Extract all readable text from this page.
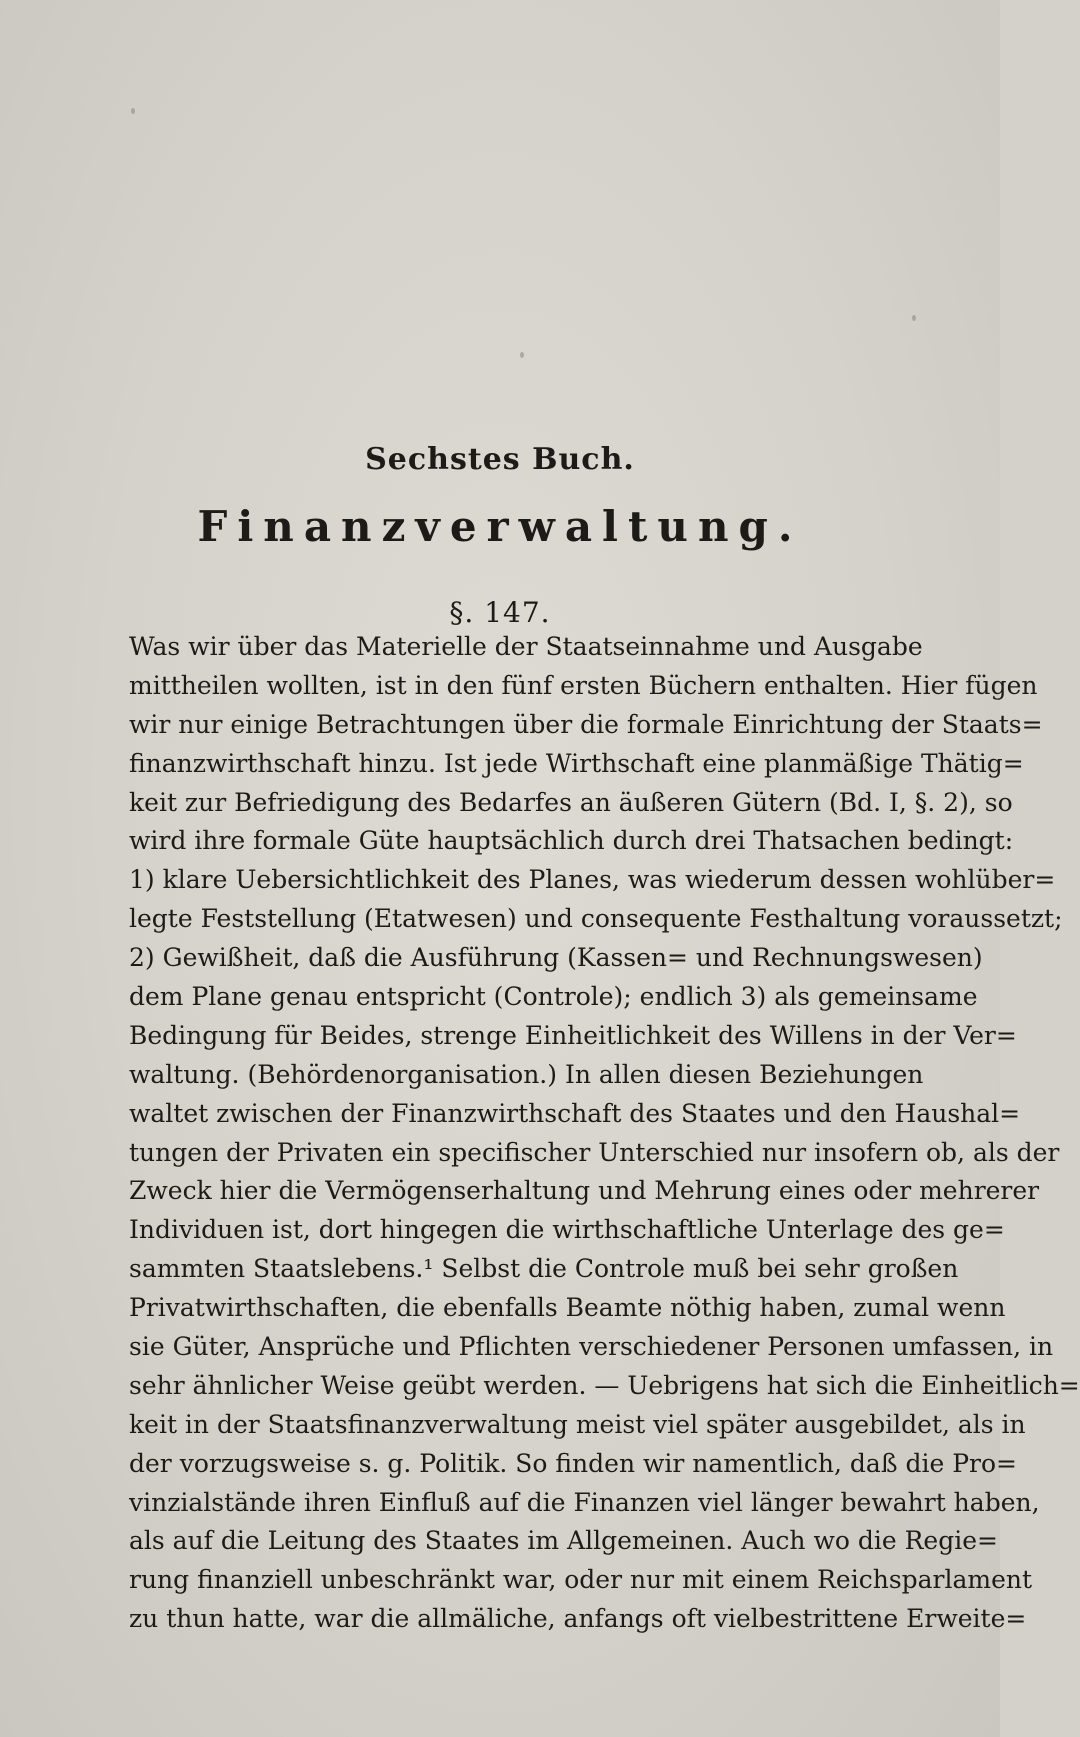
Sechstes Buch.
Finanzverwaltung.
§. 147.
Was wir über das Materielle der Staatseinnahme und Ausgabe
mittheilen wollten, ist in den fünf ersten Büchern enthalten. Hier fügen
wir nur einige Betrachtungen über die formale Einrichtung der Staats=
finanzwirthschaft hinzu. Ist jede Wirthschaft eine planmäßige Thätig=
keit zur Befriedigung des Bedarfes an äußeren Gütern (Bd. I, §. 2), so
wird ihre formale Güte hauptsächlich durch drei Thatsachen bedingt:
1) klare Uebersichtlichkeit des Planes, was wiederum dessen wohlüber=
legte Feststellung (Etatwesen) und consequente Festhaltung voraussetzt;
2) Gewißheit, daß die Ausführung (Kassen= und Rechnungswesen)
dem Plane genau entspricht (Controle); endlich 3) als gemeinsame
Bedingung für Beides, strenge Einheitlichkeit des Willens in der Ver=
waltung. (Behördenorganisation.) In allen diesen Beziehungen
waltet zwischen der Finanzwirthschaft des Staates und den Haushal=
tungen der Privaten ein specifischer Unterschied nur insofern ob, als der
Zweck hier die Vermögenserhaltung und Mehrung eines oder mehrerer
Individuen ist, dort hingegen die wirthschaftliche Unterlage des ge=
sammten Staatslebens.¹ Selbst die Controle muß bei sehr großen
Privatwirthschaften, die ebenfalls Beamte nöthig haben, zumal wenn
sie Güter, Ansprüche und Pflichten verschiedener Personen umfassen, in
sehr ähnlicher Weise geübt werden. — Uebrigens hat sich die Einheitlich=
keit in der Staatsfinanzverwaltung meist viel später ausgebildet, als in
der vorzugsweise s. g. Politik. So finden wir namentlich, daß die Pro=
vinzialstände ihren Einfluß auf die Finanzen viel länger bewahrt haben,
als auf die Leitung des Staates im Allgemeinen. Auch wo die Regie=
rung finanziell unbeschränkt war, oder nur mit einem Reichsparlament
zu thun hatte, war die allmäliche, anfangs oft vielbestrittene Erweite=
